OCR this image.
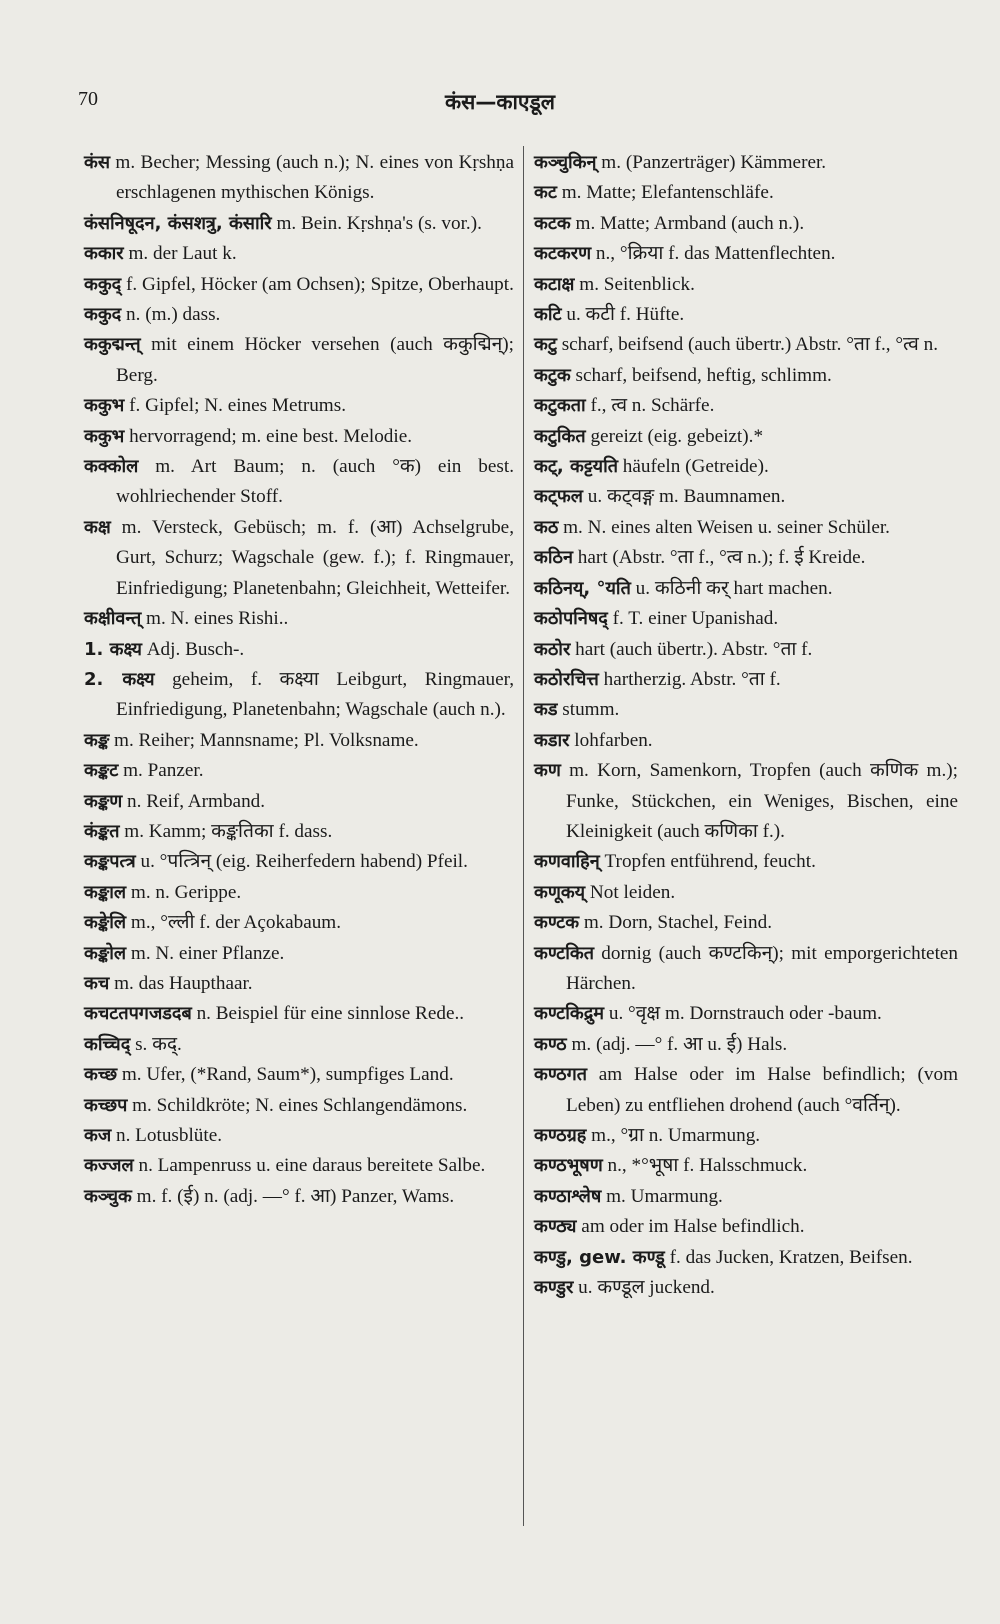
70	कंस—काएडूल

कंस m. Becher; Messing (auch n.); N. eines von Kṛshṇa erschlagenen mythischen Königs.

कंसनिषूदन, कंसशत्रु, कंसारि m. Bein. Kṛshṇa's (s. vor.).

ककार m. der Laut k.

ककुद् f. Gipfel, Höcker (am Ochsen); Spitze, Oberhaupt.

ककुद n. (m.) dass.

ककुद्मन्त् mit einem Höcker versehen (auch ककुद्मिन्); Berg.

ककुभ f. Gipfel; N. eines Metrums.

ककुभ hervorragend; m. eine best. Melodie.

कक्कोल m. Art Baum; n. (auch °क) ein best. wohlriechender Stoff.

कक्ष m. Versteck, Gebüsch; m. f. (आ) Achselgrube, Gurt, Schurz; Wagschale (gew. f.); f. Ringmauer, Einfriedigung; Planetenbahn; Gleichheit, Wetteifer.

कक्षीवन्त् m. N. eines Rishi..

1. कक्ष्य Adj. Busch-.

2. कक्ष्य geheim, f. कक्ष्या Leibgurt, Ringmauer, Einfriedigung, Planetenbahn; Wagschale (auch n.).

कङ्क m. Reiher; Mannsname; Pl. Volksname.

कङ्कट m. Panzer.

कङ्कण n. Reif, Armband.

कंङ्कत m. Kamm; कङ्कतिका f. dass.

कङ्कपत्त्र u. °पत्त्रिन् (eig. Reiherfedern habend) Pfeil.

कङ्काल m. n. Gerippe.

कङ्केलि m., °ल्ली f. der Açokabaum.

कङ्कोल m. N. einer Pflanze.

कच m. das Haupthaar.

कचटतपगजडदब n. Beispiel für eine sinnlose Rede..

कच्चिद् s. कद्.

कच्छ m. Ufer, (*Rand, Saum*), sumpfiges Land.

कच्छप m. Schildkröte; N. eines Schlangendämons.

कज n. Lotusblüte.

कज्जल n. Lampenruss u. eine daraus bereitete Salbe.

कञ्चुक m. f. (ई) n. (adj. —° f. आ) Panzer, Wams.

कञ्चुकिन् m. (Panzerträger) Kämmerer.

कट m. Matte; Elefantenschläfe.

कटक m. Matte; Armband (auch n.).

कटकरण n., °क्रिया f. das Mattenflechten.

कटाक्ष m. Seitenblick.

कटि u. कटी f. Hüfte.

कटु scharf, beifsend (auch übertr.) Abstr. °ता f., °त्व n.

कटुक scharf, beifsend, heftig, schlimm.

कटुकता f., त्व n. Schärfe.

कटुकित gereizt (eig. gebeizt).*

कट्, कट्टयति häufeln (Getreide).

कट्फल u. कट्वङ्ग m. Baumnamen.

कठ m. N. eines alten Weisen u. seiner Schüler.

कठिन hart (Abstr. °ता f., °त्व n.); f. ई Kreide.

कठिनय्, °यति u. कठिनी कर् hart machen.

कठोपनिषद् f. T. einer Upanishad.

कठोर hart (auch übertr.). Abstr. °ता f.

कठोरचित्त hartherzig. Abstr. °ता f.

कड stumm.

कडार lohfarben.

कण m. Korn, Samenkorn, Tropfen (auch कणिक m.); Funke, Stückchen, ein Weniges, Bischen, eine Kleinigkeit (auch कणिका f.).

कणवाहिन् Tropfen entführend, feucht.

कणूकय् Not leiden.

कण्टक m. Dorn, Stachel, Feind.

कण्टकित dornig (auch कण्टकिन्); mit emporgerichteten Härchen.

कण्टकिद्रुम u. °वृक्ष m. Dornstrauch oder -baum.

कण्ठ m. (adj. —° f. आ u. ई) Hals.

कण्ठगत am Halse oder im Halse befindlich; (vom Leben) zu entfliehen drohend (auch °वर्तिन्).

कण्ठग्रह m., °ग्रा n. Umarmung.

कण्ठभूषण n., *°भूषा f. Halsschmuck.

कण्ठाश्लेष m. Umarmung.

कण्ठ्य am oder im Halse befindlich.

कण्डु, gew. कण्डू f. das Jucken, Kratzen, Beifsen.

कण्डुर u. कण्डूल juckend.
